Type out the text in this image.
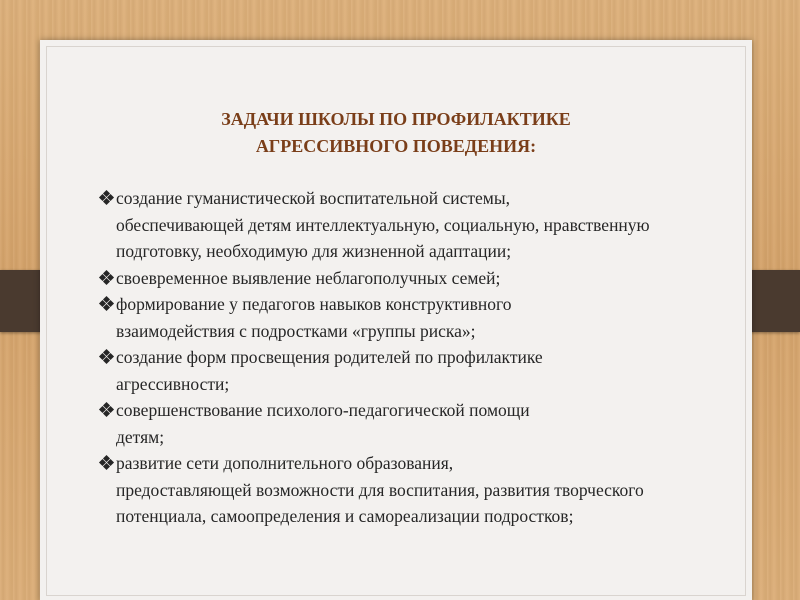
ЗАДАЧИ ШКОЛЫ ПО ПРОФИЛАКТИКЕ
АГРЕССИВНОГО ПОВЕДЕНИЯ:
создание гуманистической воспитательной системы,
обеспечивающей детям интеллектуальную, социальную, нравственную подготовку, необходимую для жизненной адаптации;
своевременное выявление неблагополучных семей;
формирование у педагогов навыков конструктивного
взаимодействия с подростками «группы риска»;
создание форм просвещения родителей по профилактике
агрессивности;
совершенствование психолого-педагогической помощи
детям;
развитие сети дополнительного образования,
предоставляющей возможности для воспитания, развития творческого потенциала, самоопределения и самореализации подростков;
